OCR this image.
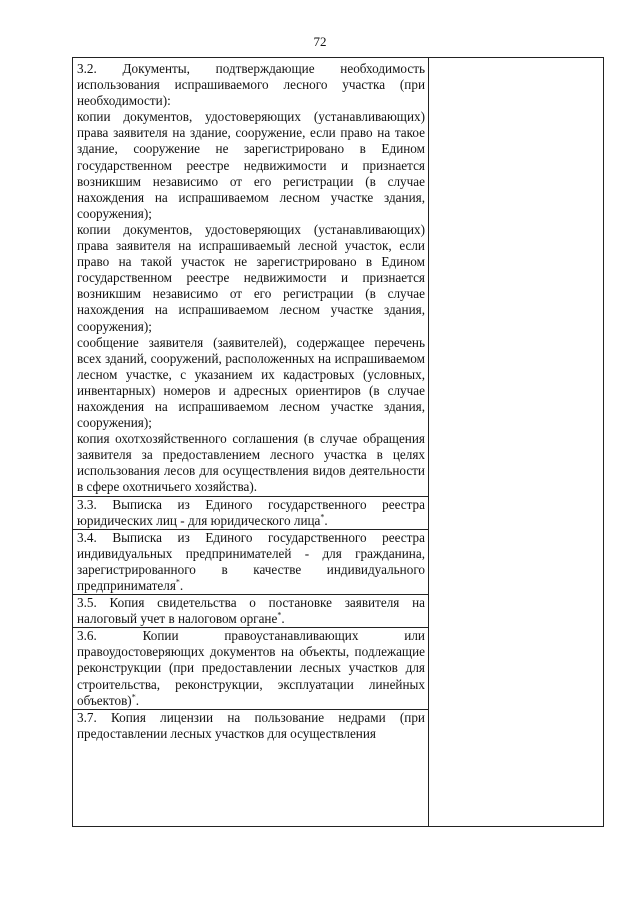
72

3.2. Документы, подтверждающие необходимость использования испрашиваемого лесного участка (при необходимости):

копии документов, удостоверяющих (устанавливающих) права заявителя на здание, сооружение, если право на такое здание, сооружение не зарегистрировано в Едином государственном реестре недвижимости и признается возникшим независимо от его регистрации (в случае нахождения на испрашиваемом лесном участке здания, сооружения);

копии документов, удостоверяющих (устанавливающих) права заявителя на испрашиваемый лесной участок, если право на такой участок не зарегистрировано в Едином государственном реестре недвижимости и признается возникшим независимо от его регистрации (в случае нахождения на испрашиваемом лесном участке здания, сооружения);

сообщение заявителя (заявителей), содержащее перечень всех зданий, сооружений, расположенных на испрашиваемом лесном участке, с указанием их кадастровых (условных, инвентарных) номеров и адресных ориентиров (в случае нахождения на испрашиваемом лесном участке здания, сооружения);

копия охотхозяйственного соглашения (в случае обращения заявителя за предоставлением лесного участка в целях использования лесов для осуществления видов деятельности в сфере охотничьего хозяйства).

3.3. Выписка из Единого государственного реестра юридических лиц - для юридического лица*.

3.4. Выписка из Единого государственного реестра индивидуальных предпринимателей - для гражданина, зарегистрированного в качестве индивидуального предпринимателя*.

3.5. Копия свидетельства о постановке заявителя на налоговый учет в налоговом органе*.

3.6. Копии правоустанавливающих или правоудостоверяющих документов на объекты, подлежащие реконструкции (при предоставлении лесных участков для строительства, реконструкции, эксплуатации линейных объектов)*.

3.7. Копия лицензии на пользование недрами (при предоставлении лесных участков для осуществления
